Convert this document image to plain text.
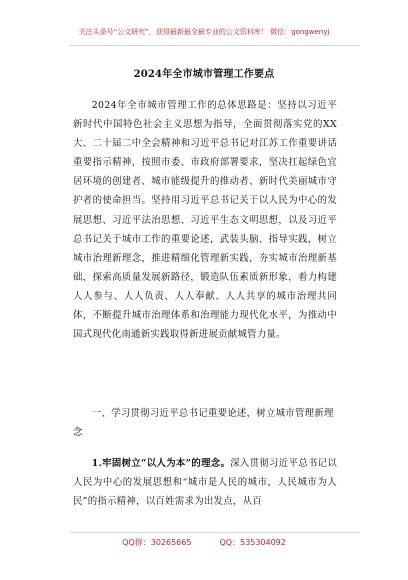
关注头条号“公文研究”，获得最新最全最专业的公文资料库！ 微信：gongwenyj
2024年全市城市管理工作要点
2024年全市城市管理工作的总体思路是：坚持以习近平新时代中国特色社会主义思想为指导，全面贯彻落实党的XX大、二十届二中全会精神和习近平总书记对江苏工作重要讲话重要指示精神，按照市委、市政府部署要求，坚决扛起绿色宜居环境的创建者、城市能级提升的推动者、新时代美丽城市守护者的使命担当。坚持用习近平总书记关于以人民为中心的发展思想、习近平法治思想、习近平生态文明思想，以及习近平总书记关于城市工作的重要论述，武装头脑、指导实践，树立城市治理新理念，推进精细化管理新实践，夯实城市治理新基础，探索高质量发展新路径，锻造队伍素质新形象，着力构建人人参与、人人负责、人人奉献、人人共享的城市治理共同体，不断提升城市治理体系和治理能力现代化水平，为推动中国式现代化南通新实践取得新进展贡献城管力量。
一、学习贯彻习近平总书记重要论述，树立城市管理新理念
1.牢固树立“以人为本”的理念。深入贯彻习近平总书记以人民为中心的发展思想和“城市是人民的城市，人民城市为人民”的指示精神，以百姓需求为出发点，从百
QQ群：30265665	QQ：535304092
